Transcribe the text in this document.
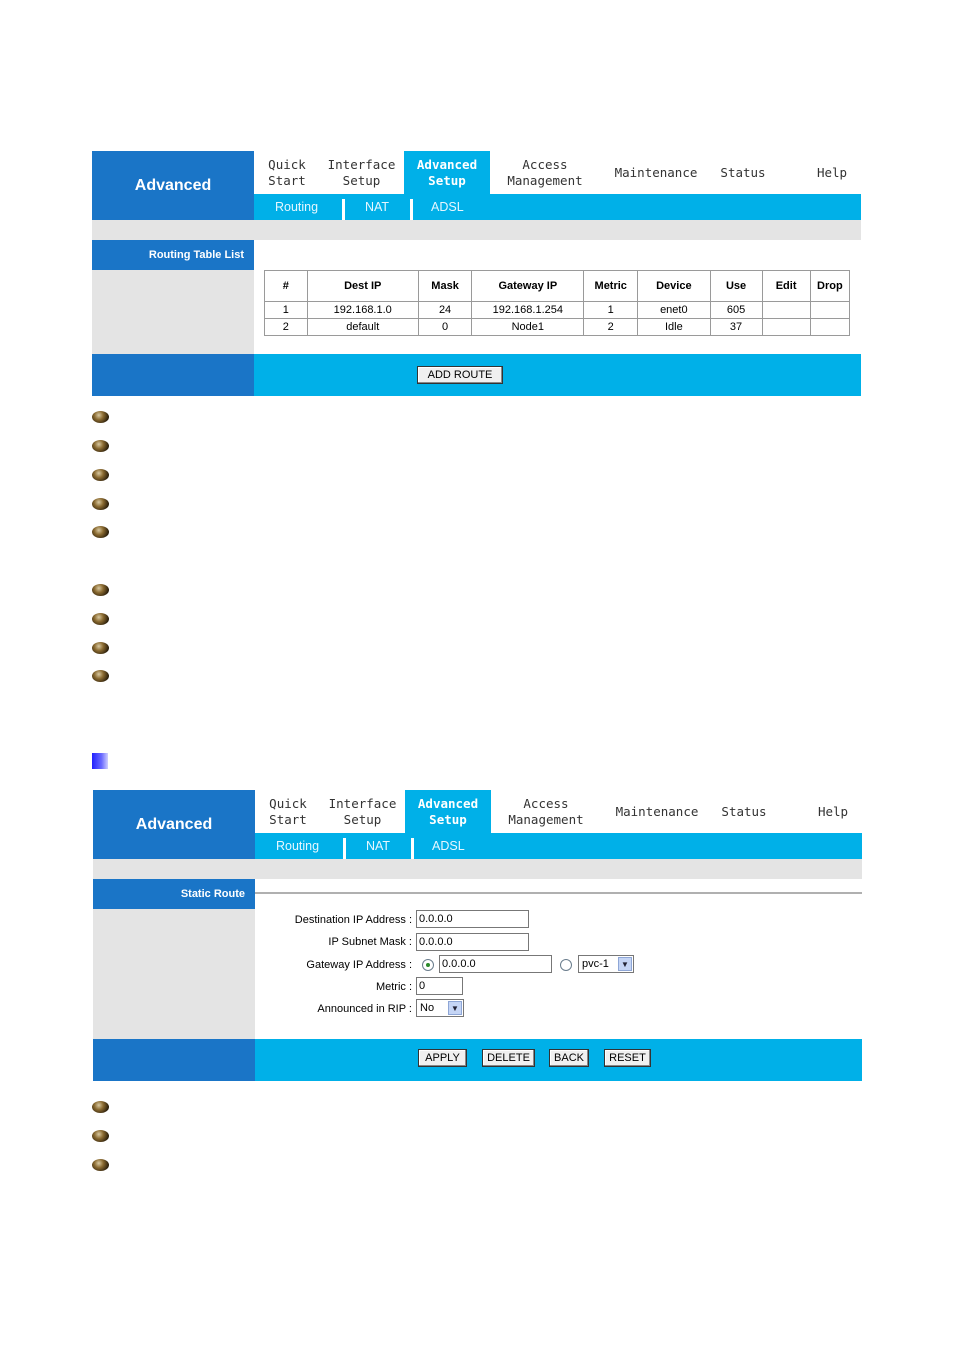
Advanced
Quick
Start
Interface
Setup
Advanced
Setup
Access
Management
Maintenance Status	Help
Routing	NAT	ADSL
Routing Table List
#	Dest IP	Mask	Gateway IP	Metric	Device	Use	Edit	Drop
1	192.168.1.0	24	192.168.1.254	1	enet0	605		
2	default	0	Node1	2	Idle	37		
ADD ROUTE
Advanced
Quick
Start
Interface
Setup
Advanced
Setup
Access
Management
Maintenance Status	Help
Routing	NAT	ADSL
Static Route
Destination IP Address : 0.0.0.0
IP Subnet Mask : 0.0.0.0
Gateway IP Address :	0.0.0.0	pvc-1	▼
Metric : 0
Announced in RIP : No	▼
APPLY	DELETE	BACK	RESET
